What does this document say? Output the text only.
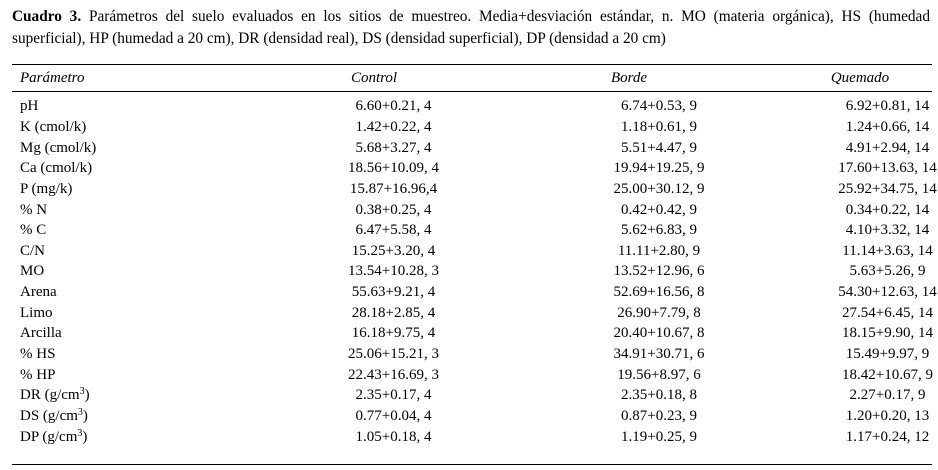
Cuadro 3. Parámetros del suelo evaluados en los sitios de muestreo. Media+desviación estándar, n. MO (materia orgánica), HS (humedad superficial), HP (humedad a 20 cm), DR (densidad real), DS (densidad superficial), DP (densidad a 20 cm)
Parámetro	Control	Borde	Quemado

pH	6.60+0.21, 4	6.74+0.53, 9	6.92+0.81, 14
K (cmol/k)	1.42+0.22, 4	1.18+0.61, 9	1.24+0.66, 14
Mg (cmol/k)	5.68+3.27, 4	5.51+4.47, 9	4.91+2.94, 14
Ca (cmol/k)	18.56+10.09, 4	19.94+19.25, 9	17.60+13.63, 14
P (mg/k)	15.87+16.96,4	25.00+30.12, 9	25.92+34.75, 14
% N	0.38+0.25, 4	0.42+0.42, 9	0.34+0.22, 14
% C	6.47+5.58, 4	5.62+6.83, 9	4.10+3.32, 14
C/N	15.25+3.20, 4	11.11+2.80, 9	11.14+3.63, 14
MO	13.54+10.28, 3	13.52+12.96, 6	5.63+5.26, 9
Arena	55.63+9.21, 4	52.69+16.56, 8	54.30+12.63, 14
Limo	28.18+2.85, 4	26.90+7.79, 8	27.54+6.45, 14
Arcilla	16.18+9.75, 4	20.40+10.67, 8	18.15+9.90, 14
% HS	25.06+15.21, 3	34.91+30.71, 6	15.49+9.97, 9
% HP	22.43+16.69, 3	19.56+8.97, 6	18.42+10.67, 9
DR $(g/cm^3)$	2.35+0.17, 4	2.35+0.18, 8	2.27+0.17, 9
DS $(g/cm^3)$	0.77+0.04, 4	0.87+0.23, 9	1.20+0.20, 13
DP $(g/cm^3)$	1.05+0.18, 4	1.19+0.25, 9	1.17+0.24, 12
